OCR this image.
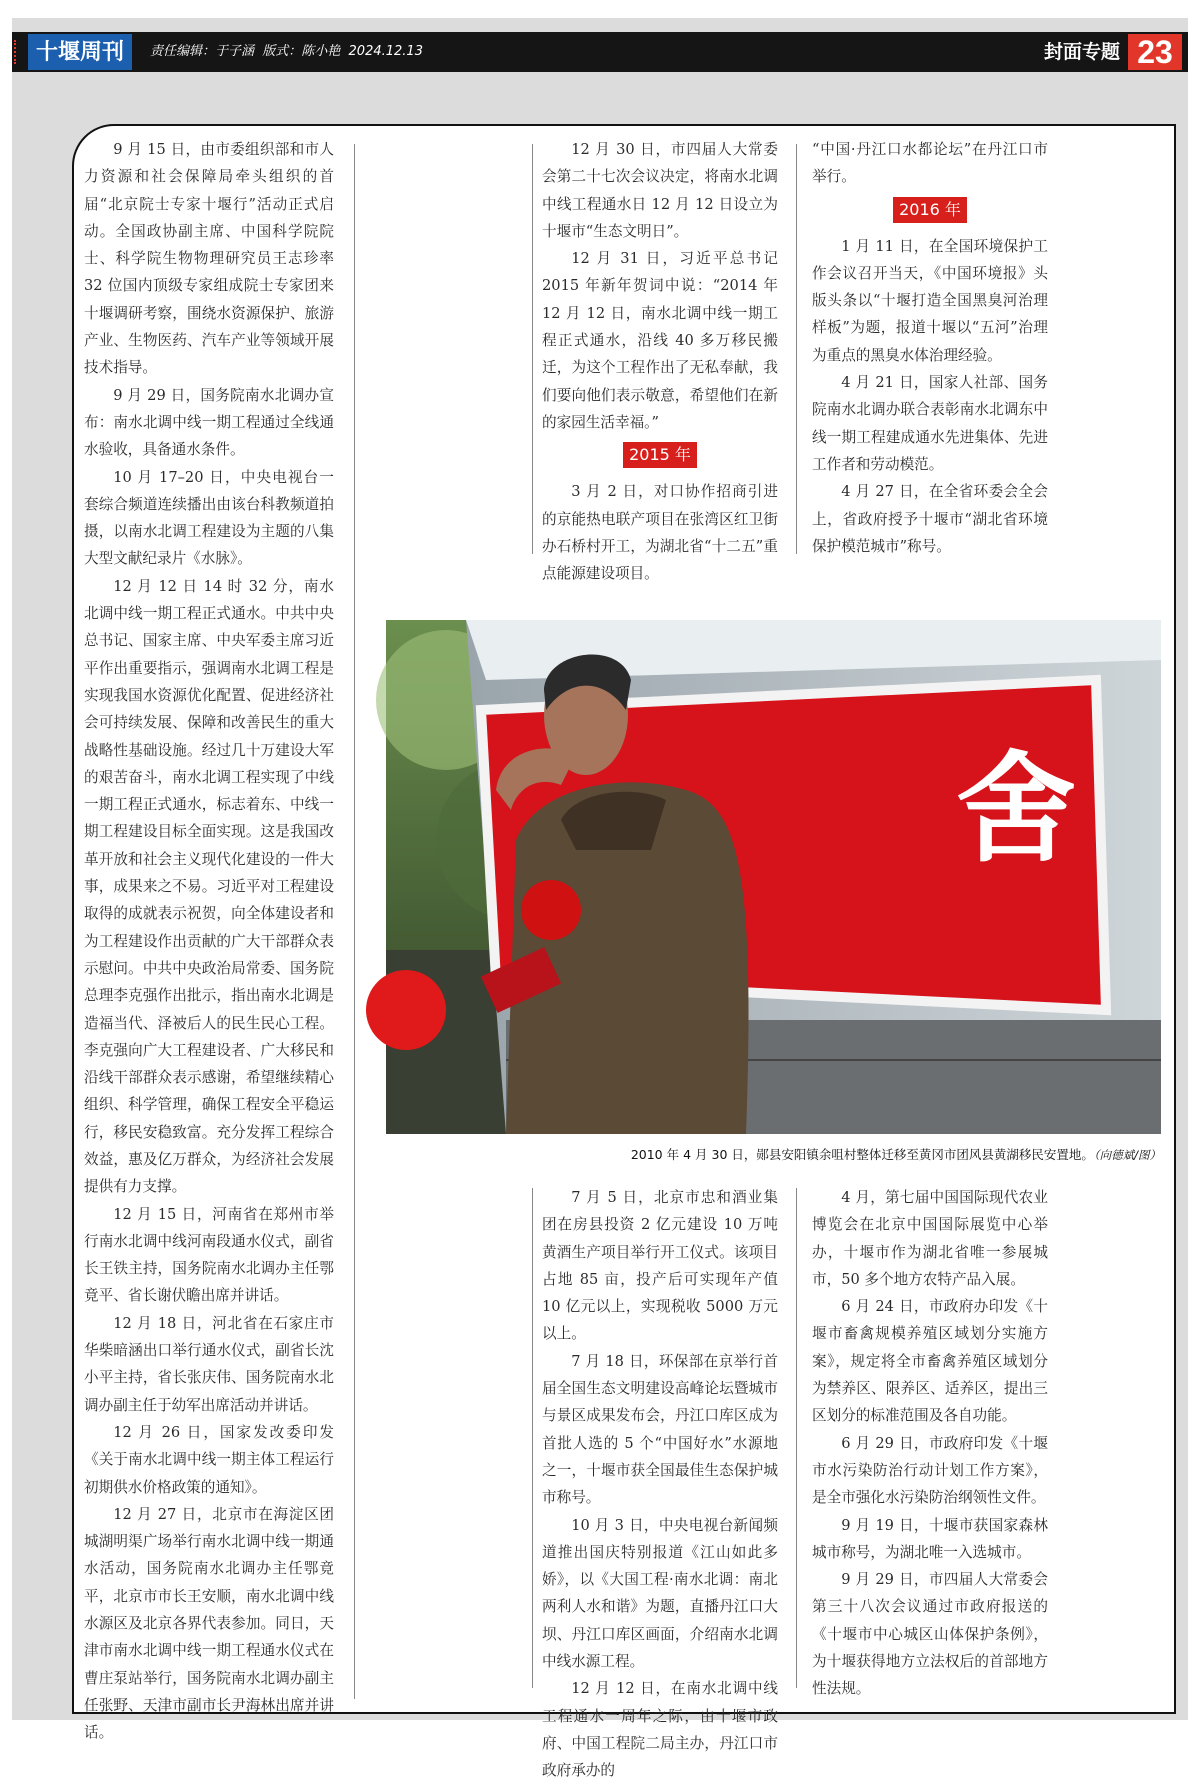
十堰周刊	责任编辑：于子涵  版式：陈小艳  2024.12.13	封面专题 23

9 月 15 日，由市委组织部和市人力资源和社会保障局牵头组织的首届“北京院士专家十堰行”活动正式启动。全国政协副主席、中国科学院院士、科学院生物物理研究员王志珍率 32 位国内顶级专家组成院士专家团来十堰调研考察，围绕水资源保护、旅游产业、生物医药、汽车产业等领域开展技术指导。

9 月 29 日，国务院南水北调办宣布：南水北调中线一期工程通过全线通水验收，具备通水条件。

10 月 17–20 日，中央电视台一套综合频道连续播出由该台科教频道拍摄，以南水北调工程建设为主题的八集大型文献纪录片《水脉》。

12 月 12 日 14 时 32 分，南水北调中线一期工程正式通水。中共中央总书记、国家主席、中央军委主席习近平作出重要指示，强调南水北调工程是实现我国水资源优化配置、促进经济社会可持续发展、保障和改善民生的重大战略性基础设施。经过几十万建设大军的艰苦奋斗，南水北调工程实现了中线一期工程正式通水，标志着东、中线一期工程建设目标全面实现。这是我国改革开放和社会主义现代化建设的一件大事，成果来之不易。习近平对工程建设取得的成就表示祝贺，向全体建设者和为工程建设作出贡献的广大干部群众表示慰问。中共中央政治局常委、国务院总理李克强作出批示，指出南水北调是造福当代、泽被后人的民生民心工程。李克强向广大工程建设者、广大移民和沿线干部群众表示感谢，希望继续精心组织、科学管理，确保工程安全平稳运行，移民安稳致富。充分发挥工程综合效益，惠及亿万群众，为经济社会发展提供有力支撑。

12 月 15 日，河南省在郑州市举行南水北调中线河南段通水仪式，副省长王铁主持，国务院南水北调办主任鄂竟平、省长谢伏瞻出席并讲话。

12 月 18 日，河北省在石家庄市华柴暗涵出口举行通水仪式，副省长沈小平主持，省长张庆伟、国务院南水北调办副主任于幼军出席活动并讲话。

12 月 26 日，国家发改委印发《关于南水北调中线一期主体工程运行初期供水价格政策的通知》。

12 月 27 日，北京市在海淀区团城湖明渠广场举行南水北调中线一期通水活动，国务院南水北调办主任鄂竟平，北京市市长王安顺，南水北调中线水源区及北京各界代表参加。同日，天津市南水北调中线一期工程通水仪式在曹庄泵站举行，国务院南水北调办副主任张野、天津市副市长尹海林出席并讲话。

12 月 30 日，市四届人大常委会第二十七次会议决定，将南水北调中线工程通水日 12 月 12 日设立为十堰市“生态文明日”。

12 月 31 日，习近平总书记 2015 年新年贺词中说：“2014 年 12 月 12 日，南水北调中线一期工程正式通水，沿线 40 多万移民搬迁，为这个工程作出了无私奉献，我们要向他们表示敬意，希望他们在新的家园生活幸福。”

2015 年

3 月 2 日，对口协作招商引进的京能热电联产项目在张湾区红卫街办石桥村开工，为湖北省“十二五”重点能源建设项目。

“中国·丹江口水都论坛”在丹江口市举行。

2016 年

1 月 11 日，在全国环境保护工作会议召开当天，《中国环境报》头版头条以“十堰打造全国黑臭河治理样板”为题，报道十堰以“五河”治理为重点的黑臭水体治理经验。

4 月 21 日，国家人社部、国务院南水北调办联合表彰南水北调东中线一期工程建成通水先进集体、先进工作者和劳动模范。

4 月 27 日，在全省环委会全会上，省政府授予十堰市“湖北省环境保护模范城市”称号。

舍
2010 年 4 月 30 日，郧县安阳镇余咀村整体迁移至黄冈市团风县黄湖移民安置地。（向德斌/图）

7 月 5 日，北京市忠和酒业集团在房县投资 2 亿元建设 10 万吨黄酒生产项目举行开工仪式。该项目占地 85 亩，投产后可实现年产值 10 亿元以上，实现税收 5000 万元以上。

7 月 18 日，环保部在京举行首届全国生态文明建设高峰论坛暨城市与景区成果发布会，丹江口库区成为首批人选的 5 个“中国好水”水源地之一，十堰市获全国最佳生态保护城市称号。

10 月 3 日，中央电视台新闻频道推出国庆特别报道《江山如此多娇》，以《大国工程·南水北调：南北两利人水和谐》为题，直播丹江口大坝、丹江口库区画面，介绍南水北调中线水源工程。

12 月 12 日，在南水北调中线工程通水一周年之际，由十堰市政府、中国工程院二局主办，丹江口市政府承办的

4 月，第七届中国国际现代农业博览会在北京中国国际展览中心举办，十堰市作为湖北省唯一参展城市，50 多个地方农特产品入展。

6 月 24 日，市政府办印发《十堰市畜禽规模养殖区域划分实施方案》，规定将全市畜禽养殖区域划分为禁养区、限养区、适养区，提出三区划分的标准范围及各自功能。

6 月 29 日，市政府印发《十堰市水污染防治行动计划工作方案》，是全市强化水污染防治纲领性文件。

9 月 19 日，十堰市获国家森林城市称号，为湖北唯一入选城市。

9 月 29 日，市四届人大常委会第三十八次会议通过市政府报送的《十堰市中心城区山体保护条例》，为十堰获得地方立法权后的首部地方性法规。
